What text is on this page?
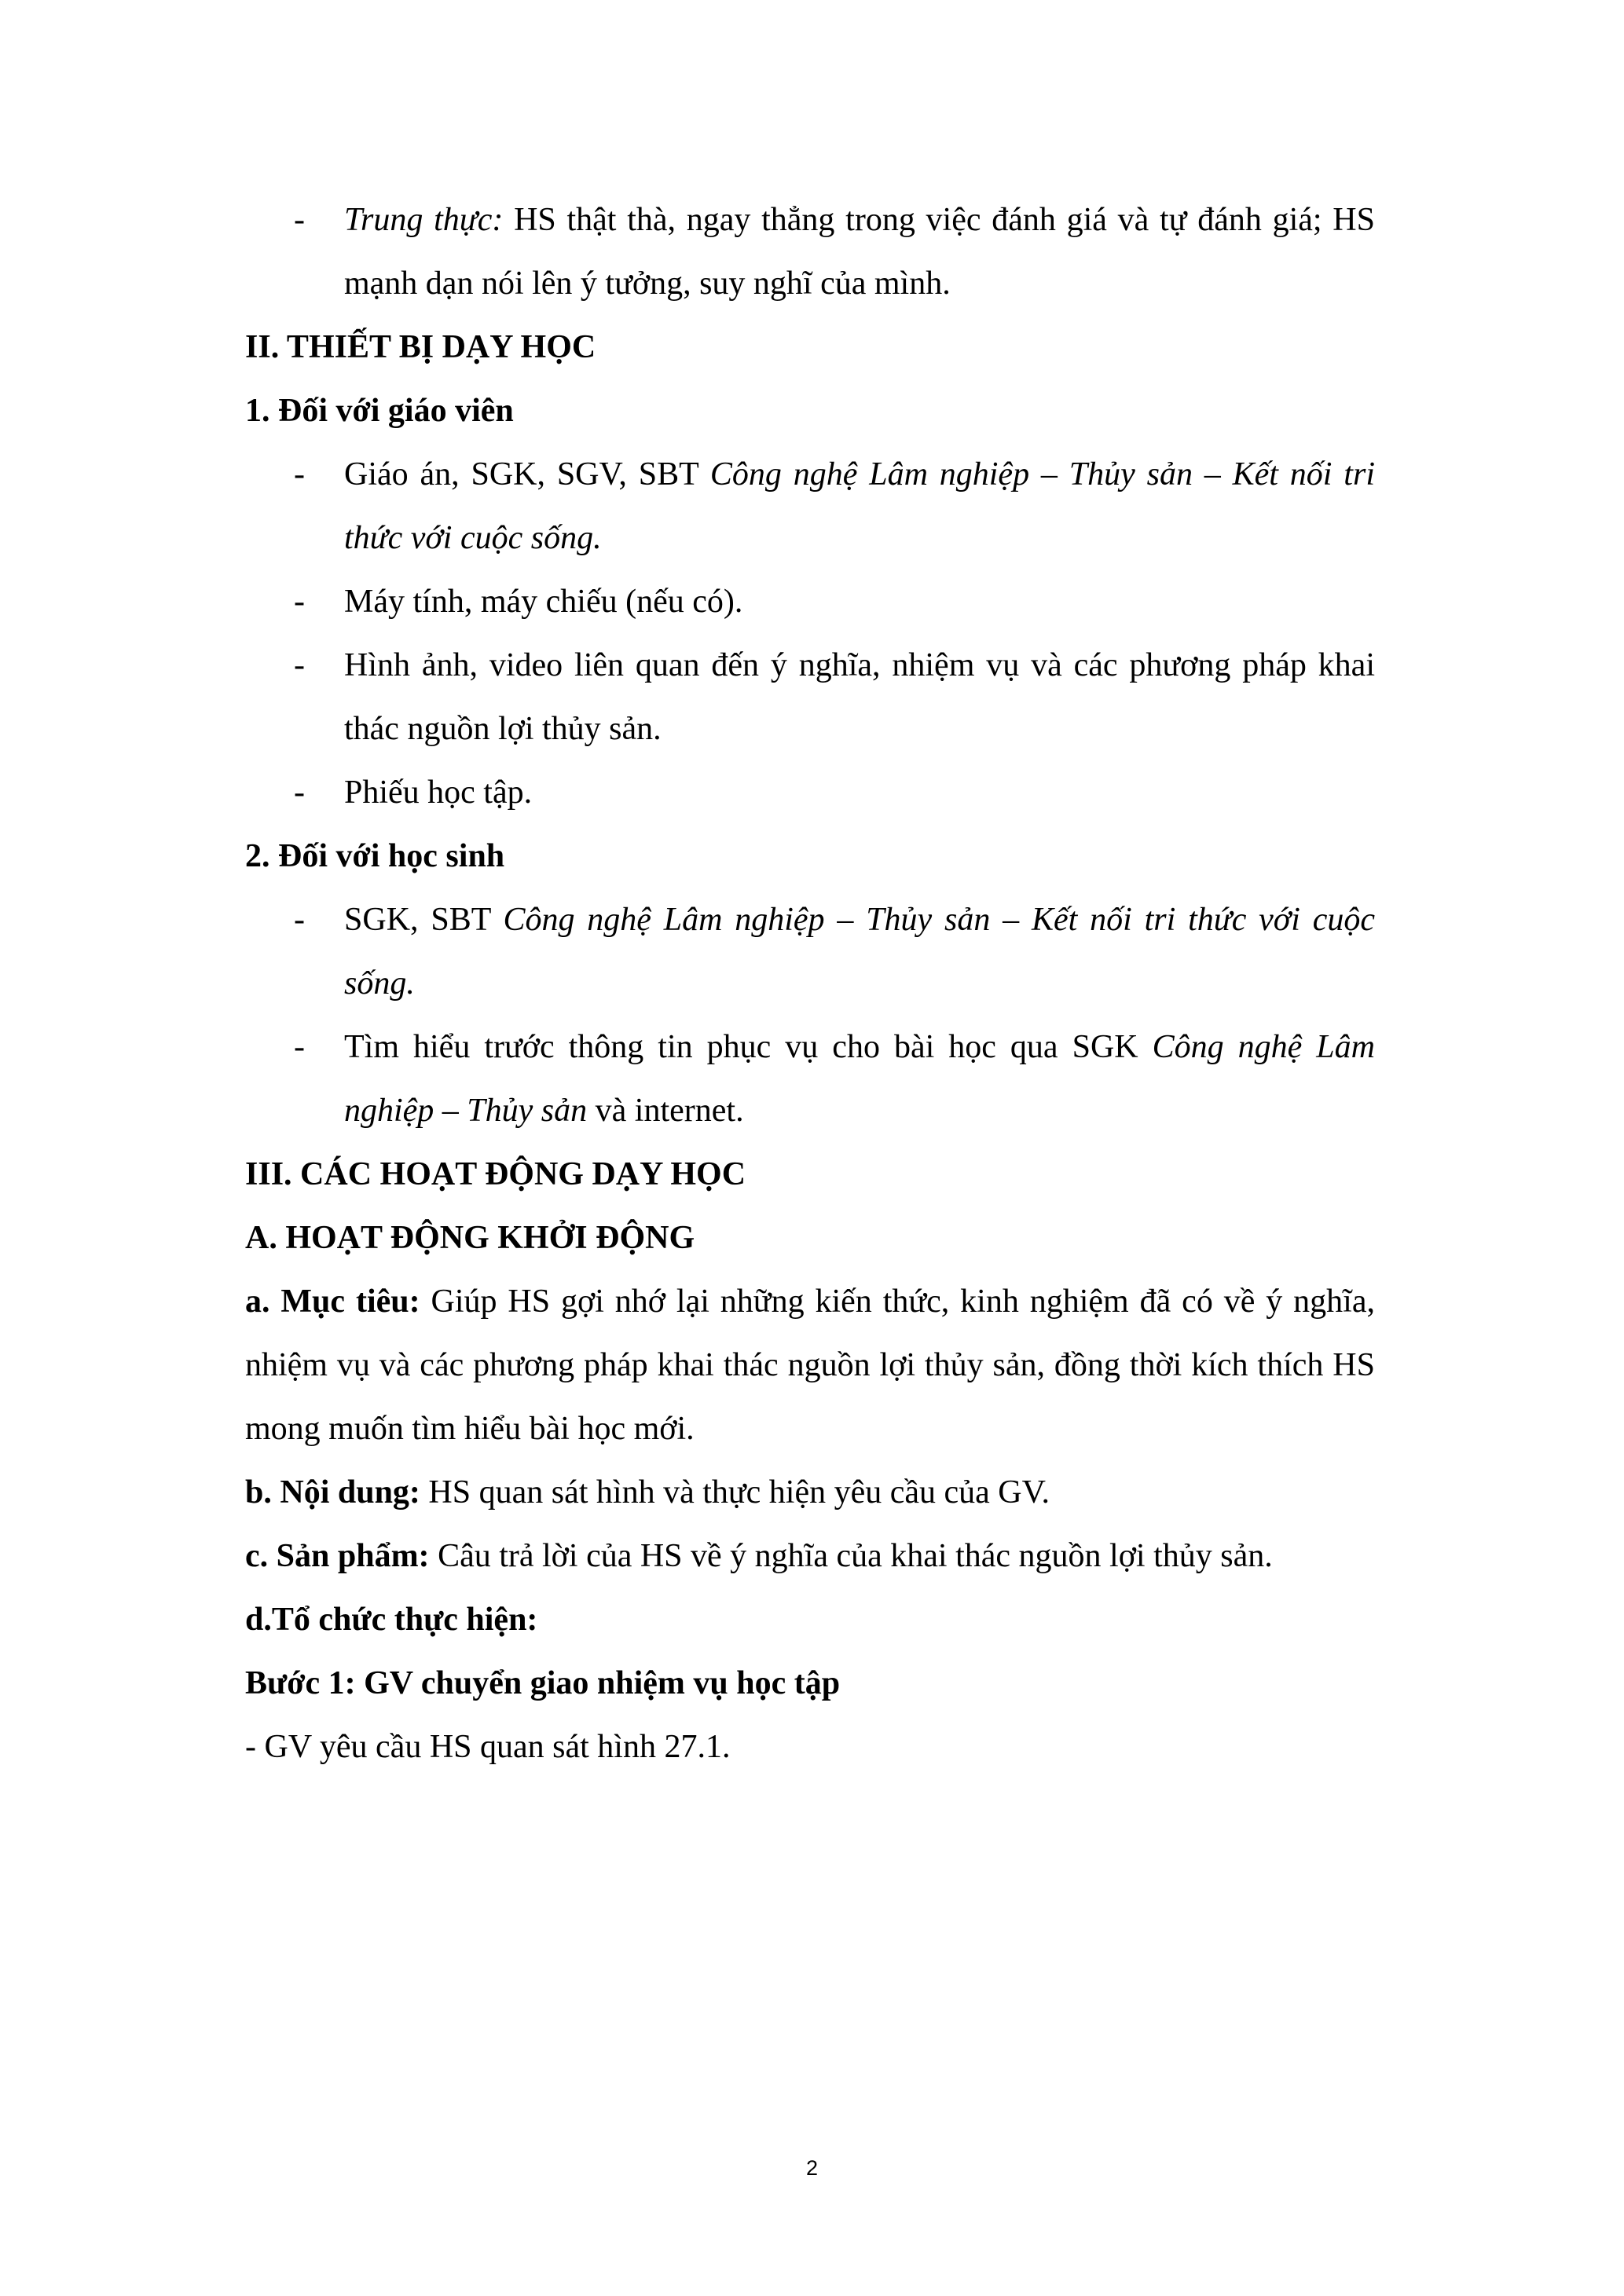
- Trung thực: HS thật thà, ngay thẳng trong việc đánh giá và tự đánh giá; HS mạnh dạn nói lên ý tưởng, suy nghĩ của mình.
II. THIẾT BỊ DẠY HỌC
1. Đối với giáo viên
- Giáo án, SGK, SGV, SBT Công nghệ Lâm nghiệp – Thủy sản – Kết nối tri thức với cuộc sống.
- Máy tính, máy chiếu (nếu có).
- Hình ảnh, video liên quan đến ý nghĩa, nhiệm vụ và các phương pháp khai thác nguồn lợi thủy sản.
- Phiếu học tập.
2. Đối với học sinh
- SGK, SBT Công nghệ Lâm nghiệp – Thủy sản – Kết nối tri thức với cuộc sống.
- Tìm hiểu trước thông tin phục vụ cho bài học qua SGK Công nghệ Lâm nghiệp – Thủy sản và internet.
III. CÁC HOẠT ĐỘNG DẠY HỌC
A. HOẠT ĐỘNG KHỞI ĐỘNG
a. Mục tiêu: Giúp HS gợi nhớ lại những kiến thức, kinh nghiệm đã có về ý nghĩa, nhiệm vụ và các phương pháp khai thác nguồn lợi thủy sản, đồng thời kích thích HS mong muốn tìm hiểu bài học mới.
b. Nội dung: HS quan sát hình và thực hiện yêu cầu của GV.
c. Sản phẩm: Câu trả lời của HS về ý nghĩa của khai thác nguồn lợi thủy sản.
d.Tổ chức thực hiện:
Bước 1: GV chuyển giao nhiệm vụ học tập
- GV yêu cầu HS quan sát hình 27.1.
2
